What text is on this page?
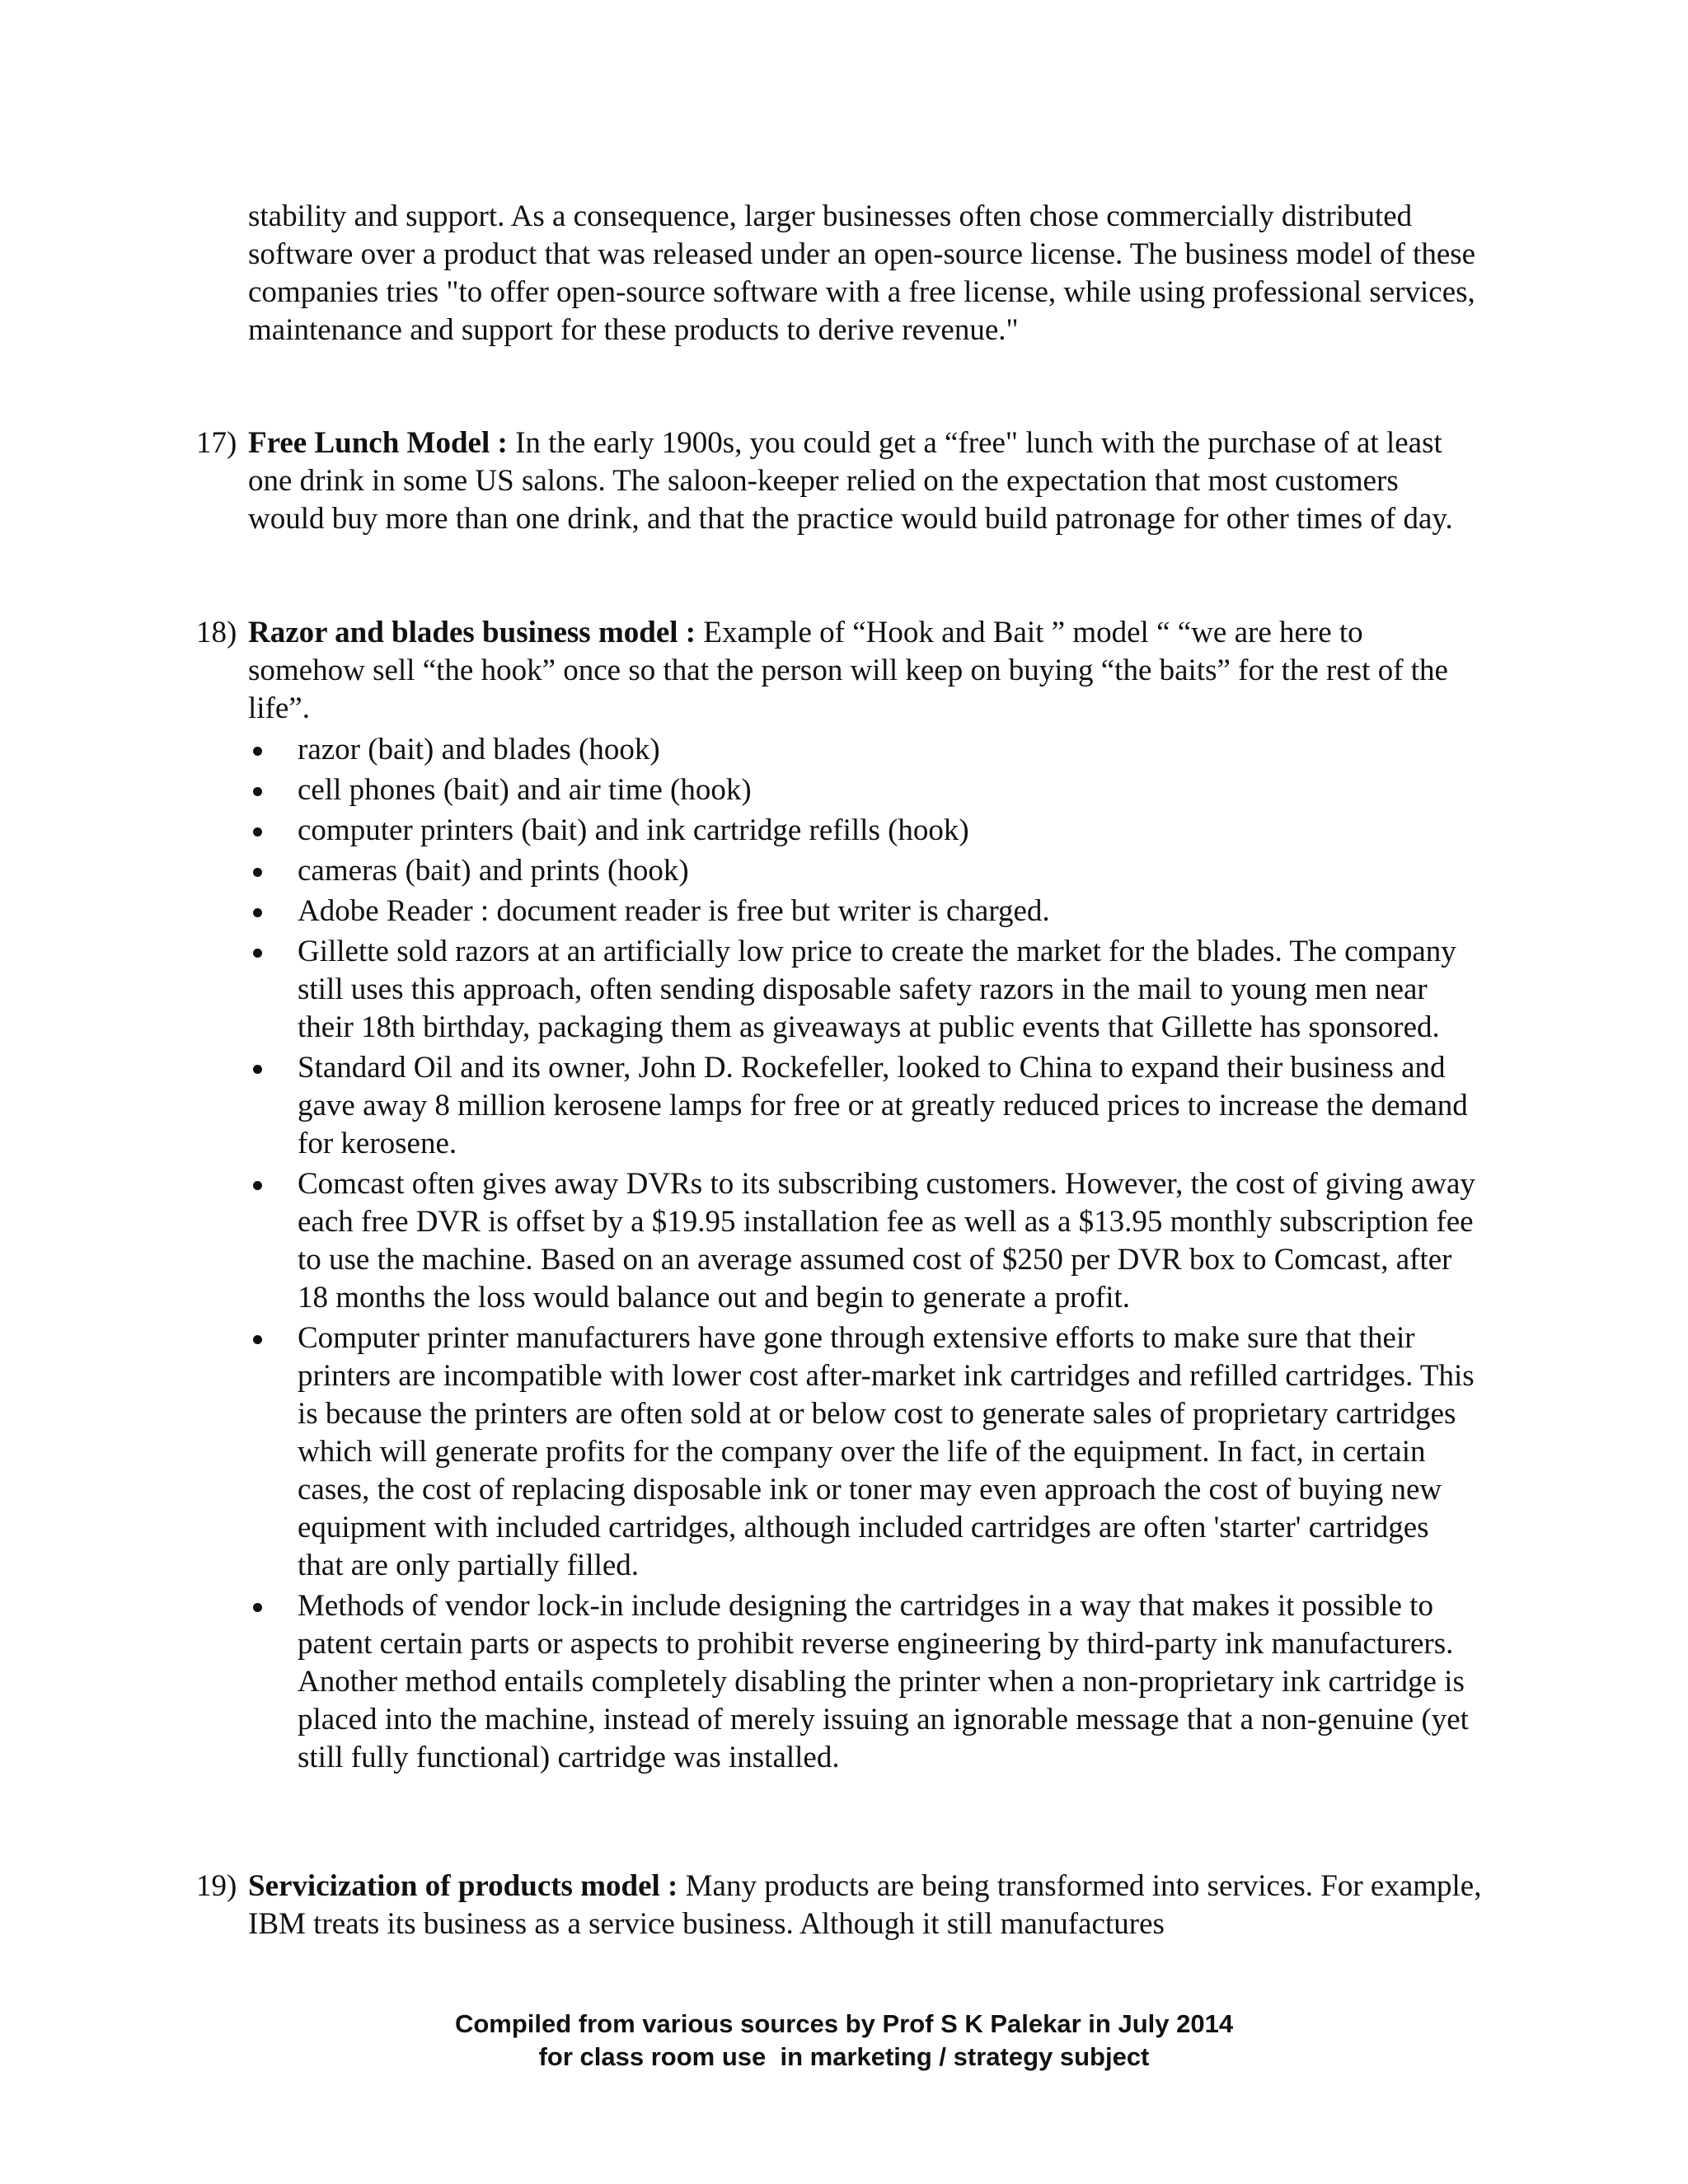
stability and support. As a consequence, larger businesses often chose commercially distributed software over a product that was released under an open-source license. The business model of these companies tries "to offer open-source software with a free license, while using professional services, maintenance and support for these products to derive revenue."

17) Free Lunch Model : In the early 1900s, you could get a “free" lunch with the purchase of at least one drink in some US salons. The saloon-keeper relied on the expectation that most customers would buy more than one drink, and that the practice would build patronage for other times of day.

18) Razor and blades business model : Example of “Hook and Bait ” model “ “we are here to somehow sell “the hook” once so that the person will keep on buying “the baits” for the rest of the life”.

razor (bait) and blades (hook)
cell phones (bait) and air time (hook)
computer printers (bait) and ink cartridge refills (hook)
cameras (bait) and prints (hook)
Adobe Reader : document reader is free but writer is charged.
Gillette sold razors at an artificially low price to create the market for the blades. The company still uses this approach, often sending disposable safety razors in the mail to young men near their 18th birthday, packaging them as giveaways at public events that Gillette has sponsored.
Standard Oil and its owner, John D. Rockefeller, looked to China to expand their business and gave away 8 million kerosene lamps for free or at greatly reduced prices to increase the demand for kerosene.
Comcast often gives away DVRs to its subscribing customers. However, the cost of giving away each free DVR is offset by a $19.95 installation fee as well as a $13.95 monthly subscription fee to use the machine. Based on an average assumed cost of $250 per DVR box to Comcast, after 18 months the loss would balance out and begin to generate a profit.
Computer printer manufacturers have gone through extensive efforts to make sure that their printers are incompatible with lower cost after-market ink cartridges and refilled cartridges. This is because the printers are often sold at or below cost to generate sales of proprietary cartridges which will generate profits for the company over the life of the equipment. In fact, in certain cases, the cost of replacing disposable ink or toner may even approach the cost of buying new equipment with included cartridges, although included cartridges are often 'starter' cartridges that are only partially filled.
Methods of vendor lock-in include designing the cartridges in a way that makes it possible to patent certain parts or aspects to prohibit reverse engineering by third-party ink manufacturers. Another method entails completely disabling the printer when a non-proprietary ink cartridge is placed into the machine, instead of merely issuing an ignorable message that a non-genuine (yet still fully functional) cartridge was installed.
19) Servicization of products model : Many products are being transformed into services. For example, IBM treats its business as a service business. Although it still manufactures

Compiled from various sources by Prof S K Palekar in July 2014
for class room use  in marketing / strategy subject
